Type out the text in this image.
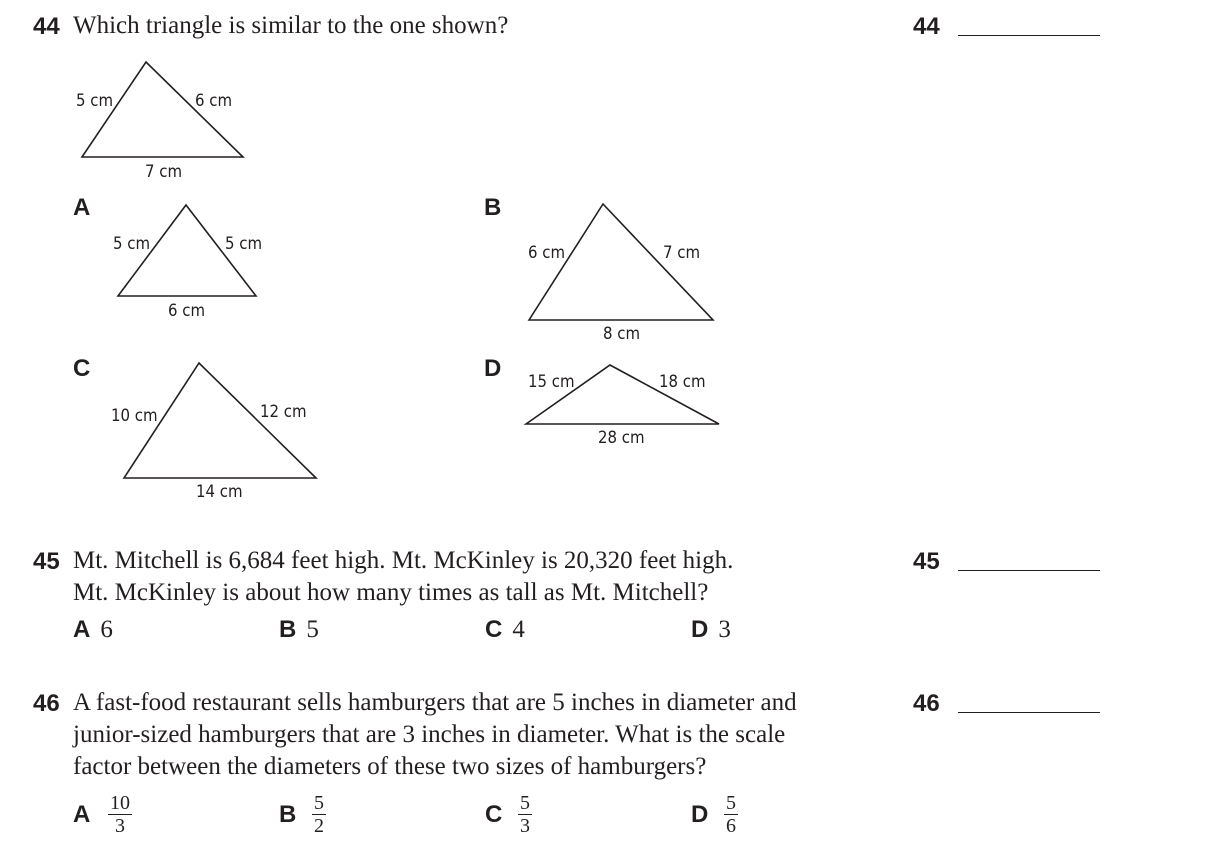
44 Which triangle is similar to the one shown?	44
5 cm	6 cm
7 cm
A
5 cm	5 cm
6 cm
B
6 cm	7 cm
8 cm
C
10 cm	12 cm
14 cm
D 15 cm	18 cm
28 cm
45 Mt. Mitchell is 6,684 feet high. Mt. McKinley is 20,320 feet high.
Mt. McKinley is about how many times as tall as Mt. Mitchell?
45
A 6	B 5	C 4	D 3
46 A fast-food restaurant sells hamburgers that are 5 inches in diameter and
junior-sized hamburgers that are 3 inches in diameter. What is the scale
factor between the diameters of these two sizes of hamburgers?
46
A $\frac{10}{3}$	B $\frac{5}{2}$	C $\frac{5}{3}$	D $\frac{5}{6}$
